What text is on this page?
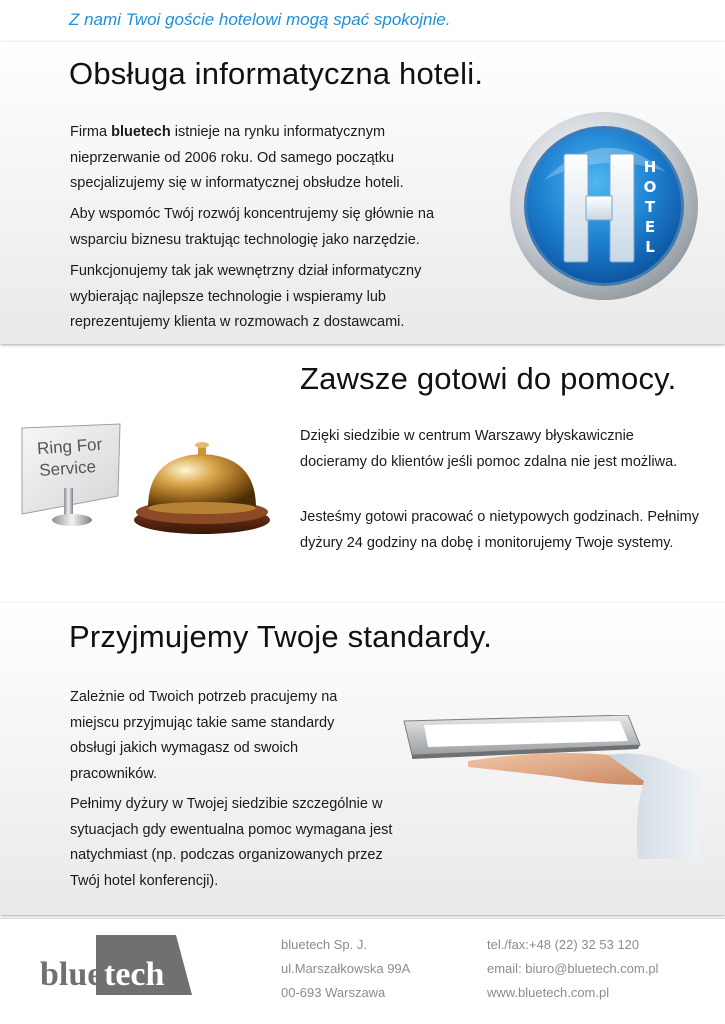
Z nami Twoi goście hotelowi mogą spać spokojnie.
Obsługa informatyczna hoteli.

Firma bluetech istnieje na rynku informatycznym nieprzerwanie od 2006 roku. Od samego początku specjalizujemy się w informatycznej obsłudze hoteli.

Aby wspomóc Twój rozwój koncentrujemy się głównie na wsparciu biznesu traktując technologię jako narzędzie.

Funkcjonujemy tak jak wewnętrzny dział informatyczny wybierając najlepsze technologie i wspieramy lub reprezentujemy klienta w rozmowach z dostawcami.

H
O
T
E
L
Zawsze gotowi do pomocy.
Ring For
Service

Dzięki siedzibie w centrum Warszawy błyskawicznie docieramy do klientów jeśli pomoc zdalna nie jest możliwa.

Jesteśmy gotowi pracować o nietypowych godzinach. Pełnimy dyżury 24 godziny na dobę i monitorujemy Twoje systemy.

Przyjmujemy Twoje standardy.

Zależnie od Twoich potrzeb pracujemy na miejscu przyjmując takie same standardy obsługi jakich wymagasz od swoich pracowników.

Pełnimy dyżury w Twojej siedzibie szczególnie w sytuacjach gdy ewentualna pomoc wymagana jest natychmiast (np. podczas organizowanych przez Twój hotel konferencji).

blue tech
bluetech Sp. J.
ul.Marszałkowska 99A
00-693 Warszawa
tel./fax:+48 (22) 32 53 120
email: biuro@bluetech.com.pl
www.bluetech.com.pl
